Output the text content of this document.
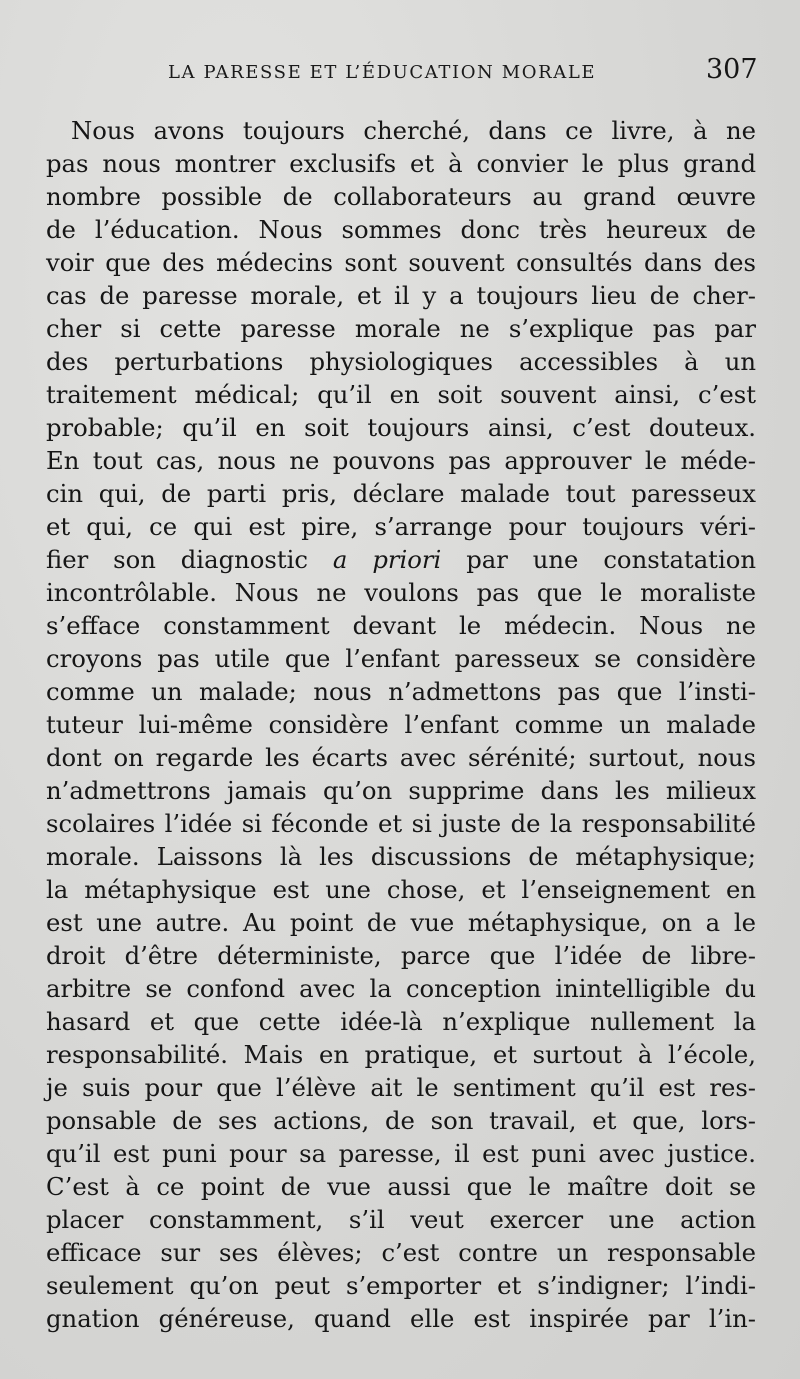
LA PARESSE ET L’ÉDUCATION MORALE	307
Nous avons toujours cherché, dans ce livre, à ne
pas nous montrer exclusifs et à convier le plus grand
nombre possible de collaborateurs au grand œuvre
de l’éducation. Nous sommes donc très heureux de
voir que des médecins sont souvent consultés dans des
cas de paresse morale, et il y a toujours lieu de cher-
cher si cette paresse morale ne s’explique pas par
des perturbations physiologiques accessibles à un
traitement médical; qu’il en soit souvent ainsi, c’est
probable; qu’il en soit toujours ainsi, c’est douteux.
En tout cas, nous ne pouvons pas approuver le méde-
cin qui, de parti pris, déclare malade tout paresseux
et qui, ce qui est pire, s’arrange pour toujours véri-
fier son diagnostic a priori par une constatation
incontrôlable. Nous ne voulons pas que le moraliste
s’efface constamment devant le médecin. Nous ne
croyons pas utile que l’enfant paresseux se considère
comme un malade; nous n’admettons pas que l’insti-
tuteur lui-même considère l’enfant comme un malade
dont on regarde les écarts avec sérénité; surtout, nous
n’admettrons jamais qu’on supprime dans les milieux
scolaires l’idée si féconde et si juste de la responsabilité
morale. Laissons là les discussions de métaphysique;
la métaphysique est une chose, et l’enseignement en
est une autre. Au point de vue métaphysique, on a le
droit d’être déterministe, parce que l’idée de libre-
arbitre se confond avec la conception inintelligible du
hasard et que cette idée-là n’explique nullement la
responsabilité. Mais en pratique, et surtout à l’école,
je suis pour que l’élève ait le sentiment qu’il est res-
ponsable de ses actions, de son travail, et que, lors-
qu’il est puni pour sa paresse, il est puni avec justice.
C’est à ce point de vue aussi que le maître doit se
placer constamment, s’il veut exercer une action
efficace sur ses élèves; c’est contre un responsable
seulement qu’on peut s’emporter et s’indigner; l’indi-
gnation généreuse, quand elle est inspirée par l’in-
